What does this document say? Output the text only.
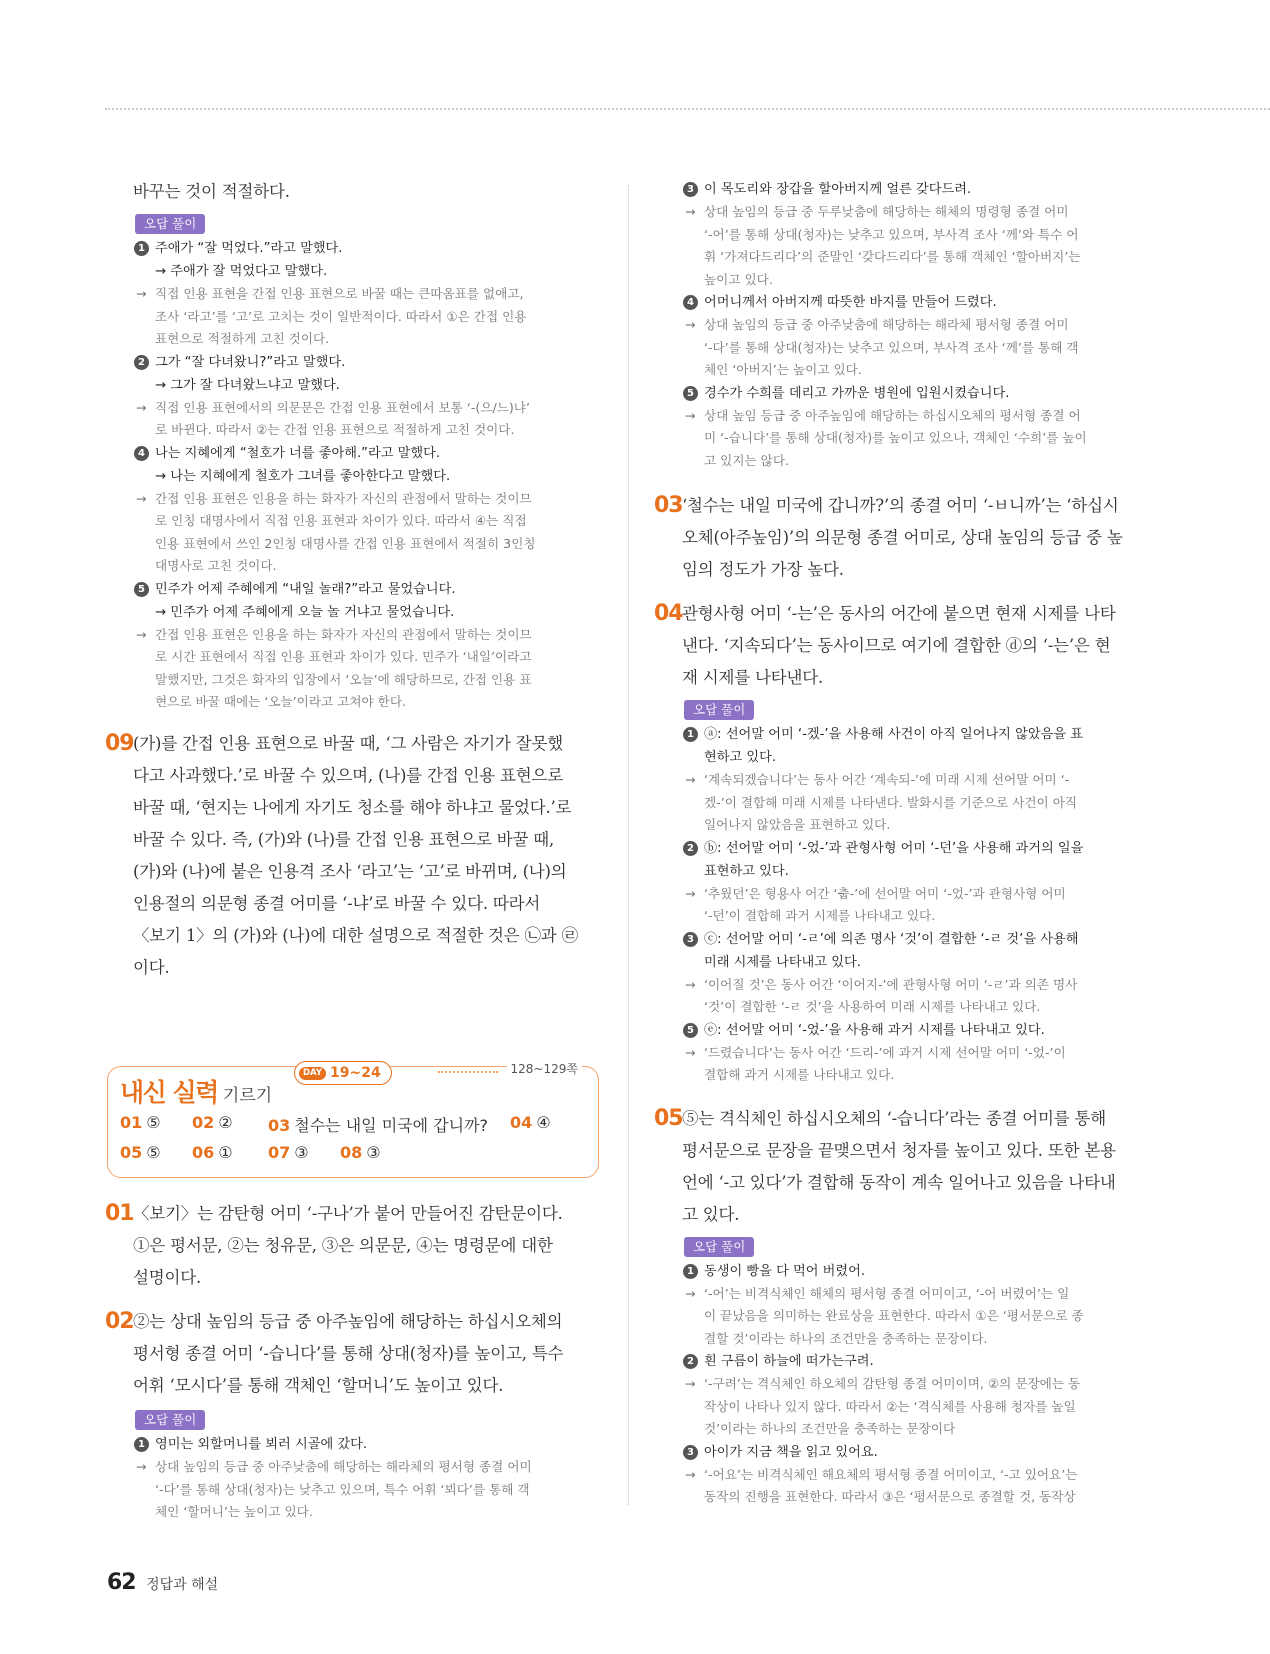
바꾸는 것이 적절하다.
오답 풀이
1 주애가 “잘 먹었다.”라고 말했다.
→ 주애가 잘 먹었다고 말했다.
→ 직접 인용 표현을 간접 인용 표현으로 바꿀 때는 큰따옴표를 없애고,
조사 ‘라고’를 ‘고’로 고치는 것이 일반적이다. 따라서 ①은 간접 인용
표현으로 적절하게 고친 것이다.
2 그가 “잘 다녀왔니?”라고 말했다.
→ 그가 잘 다녀왔느냐고 말했다.
→ 직접 인용 표현에서의 의문문은 간접 인용 표현에서 보통 ‘-(으/느)냐’
로 바뀐다. 따라서 ②는 간접 인용 표현으로 적절하게 고친 것이다.
4 나는 지혜에게 “철호가 너를 좋아해.”라고 말했다.
→ 나는 지혜에게 철호가 그녀를 좋아한다고 말했다.
→ 간접 인용 표현은 인용을 하는 화자가 자신의 관점에서 말하는 것이므
로 인칭 대명사에서 직접 인용 표현과 차이가 있다. 따라서 ④는 직접
인용 표현에서 쓰인 2인칭 대명사를 간접 인용 표현에서 적절히 3인칭
대명사로 고친 것이다.
5 민주가 어제 주혜에게 “내일 놀래?”라고 물었습니다.
→ 민주가 어제 주혜에게 오늘 놀 거냐고 물었습니다.
→ 간접 인용 표현은 인용을 하는 화자가 자신의 관점에서 말하는 것이므
로 시간 표현에서 직접 인용 표현과 차이가 있다. 민주가 ‘내일’이라고
말했지만, 그것은 화자의 입장에서 ‘오늘’에 해당하므로, 간접 인용 표
현으로 바꿀 때에는 ‘오늘’이라고 고쳐야 한다.
09 (가)를 간접 인용 표현으로 바꿀 때, ‘그 사람은 자기가 잘못했
다고 사과했다.’로 바꿀 수 있으며, (나)를 간접 인용 표현으로
바꿀 때, ‘현지는 나에게 자기도 청소를 해야 하냐고 물었다.’로
바꿀 수 있다. 즉, (가)와 (나)를 간접 인용 표현으로 바꿀 때,
(가)와 (나)에 붙은 인용격 조사 ‘라고’는 ‘고’로 바뀌며, (나)의
인용절의 의문형 종결 어미를 ‘-냐’로 바꿀 수 있다. 따라서
〈보기 1〉의 (가)와 (나)에 대한 설명으로 적절한 것은 ㉡과 ㉣
이다.
내신 실력 기르기
DAY 19~24	128~129쪽
01 ⑤ 02 ② 03 철수는 내일 미국에 갑니까? 04 ④
05 ⑤ 06 ① 07 ③ 08 ③
01 〈보기〉는 감탄형 어미 ‘-구나’가 붙어 만들어진 감탄문이다.
①은 평서문, ②는 청유문, ③은 의문문, ④는 명령문에 대한
설명이다.
02 ②는 상대 높임의 등급 중 아주높임에 해당하는 하십시오체의
평서형 종결 어미 ‘-습니다’를 통해 상대(청자)를 높이고, 특수
어휘 ‘모시다’를 통해 객체인 ‘할머니’도 높이고 있다.
오답 풀이
1 영미는 외할머니를 뵈러 시골에 갔다.
→ 상대 높임의 등급 중 아주낮춤에 해당하는 해라체의 평서형 종결 어미
‘-다’를 통해 상대(청자)는 낮추고 있으며, 특수 어휘 ‘뵈다’를 통해 객
체인 ‘할머니’는 높이고 있다.
3 이 목도리와 장갑을 할아버지께 얼른 갖다드려.
→ 상대 높임의 등급 중 두루낮춤에 해당하는 해체의 명령형 종결 어미
‘-어’를 통해 상대(청자)는 낮추고 있으며, 부사격 조사 ‘께’와 특수 어
휘 ‘가져다드리다’의 준말인 ‘갖다드리다’를 통해 객체인 ‘할아버지’는
높이고 있다.
4 어머니께서 아버지께 따뜻한 바지를 만들어 드렸다.
→ 상대 높임의 등급 중 아주낮춤에 해당하는 해라체 평서형 종결 어미
‘-다’를 통해 상대(청자)는 낮추고 있으며, 부사격 조사 ‘께’를 통해 객
체인 ‘아버지’는 높이고 있다.
5 경수가 수희를 데리고 가까운 병원에 입원시켰습니다.
→ 상대 높임 등급 중 아주높임에 해당하는 하십시오체의 평서형 종결 어
미 ‘-습니다’를 통해 상대(청자)를 높이고 있으나, 객체인 ‘수희’를 높이
고 있지는 않다.
03 ‘철수는 내일 미국에 갑니까?’의 종결 어미 ‘-ㅂ니까’는 ‘하십시
오체(아주높임)’의 의문형 종결 어미로, 상대 높임의 등급 중 높
임의 정도가 가장 높다.
04 관형사형 어미 ‘-는’은 동사의 어간에 붙으면 현재 시제를 나타
낸다. ‘지속되다’는 동사이므로 여기에 결합한 ⓓ의 ‘-는’은 현
재 시제를 나타낸다.
오답 풀이
1 ⓐ: 선어말 어미 ‘-겠-’을 사용해 사건이 아직 일어나지 않았음을 표
현하고 있다.
→ ‘계속되겠습니다’는 동사 어간 ‘계속되-’에 미래 시제 선어말 어미 ‘-
겠-’이 결합해 미래 시제를 나타낸다. 발화시를 기준으로 사건이 아직
일어나지 않았음을 표현하고 있다.
2 ⓑ: 선어말 어미 ‘-었-’과 관형사형 어미 ‘-던’을 사용해 과거의 일을
표현하고 있다.
→ ‘추웠던’은 형용사 어간 ‘춥-’에 선어말 어미 ‘-었-’과 관형사형 어미
‘-던’이 결합해 과거 시제를 나타내고 있다.
3 ⓒ: 선어말 어미 ‘-ㄹ’에 의존 명사 ‘것’이 결합한 ‘-ㄹ 것’을 사용해
미래 시제를 나타내고 있다.
→ ‘이어질 것’은 동사 어간 ‘이어지-’에 관형사형 어미 ‘-ㄹ’과 의존 명사
‘것’이 결합한 ‘-ㄹ 것’을 사용하여 미래 시제를 나타내고 있다.
5 ⓔ: 선어말 어미 ‘-었-’을 사용해 과거 시제를 나타내고 있다.
→ ‘드렸습니다’는 동사 어간 ‘드리-’에 과거 시제 선어말 어미 ‘-었-’이
결합해 과거 시제를 나타내고 있다.
05 ⑤는 격식체인 하십시오체의 ‘-습니다’라는 종결 어미를 통해
평서문으로 문장을 끝맺으면서 청자를 높이고 있다. 또한 본용
언에 ‘-고 있다’가 결합해 동작이 계속 일어나고 있음을 나타내
고 있다.
오답 풀이
1 동생이 빵을 다 먹어 버렸어.
→ ‘-어’는 비격식체인 해체의 평서형 종결 어미이고, ‘-어 버렸어’는 일
이 끝났음을 의미하는 완료상을 표현한다. 따라서 ①은 ‘평서문으로 종
결할 것’이라는 하나의 조건만을 충족하는 문장이다.
2 흰 구름이 하늘에 떠가는구려.
→ ‘-구려’는 격식체인 하오체의 감탄형 종결 어미이며, ②의 문장에는 동
작상이 나타나 있지 않다. 따라서 ②는 ‘격식체를 사용해 청자를 높일
것’이라는 하나의 조건만을 충족하는 문장이다
3 아이가 지금 책을 읽고 있어요.
→ ‘-어요’는 비격식체인 해요체의 평서형 종결 어미이고, ‘-고 있어요’는
동작의 진행을 표현한다. 따라서 ③은 ‘평서문으로 종결할 것, 동작상
62 정답과 해설
